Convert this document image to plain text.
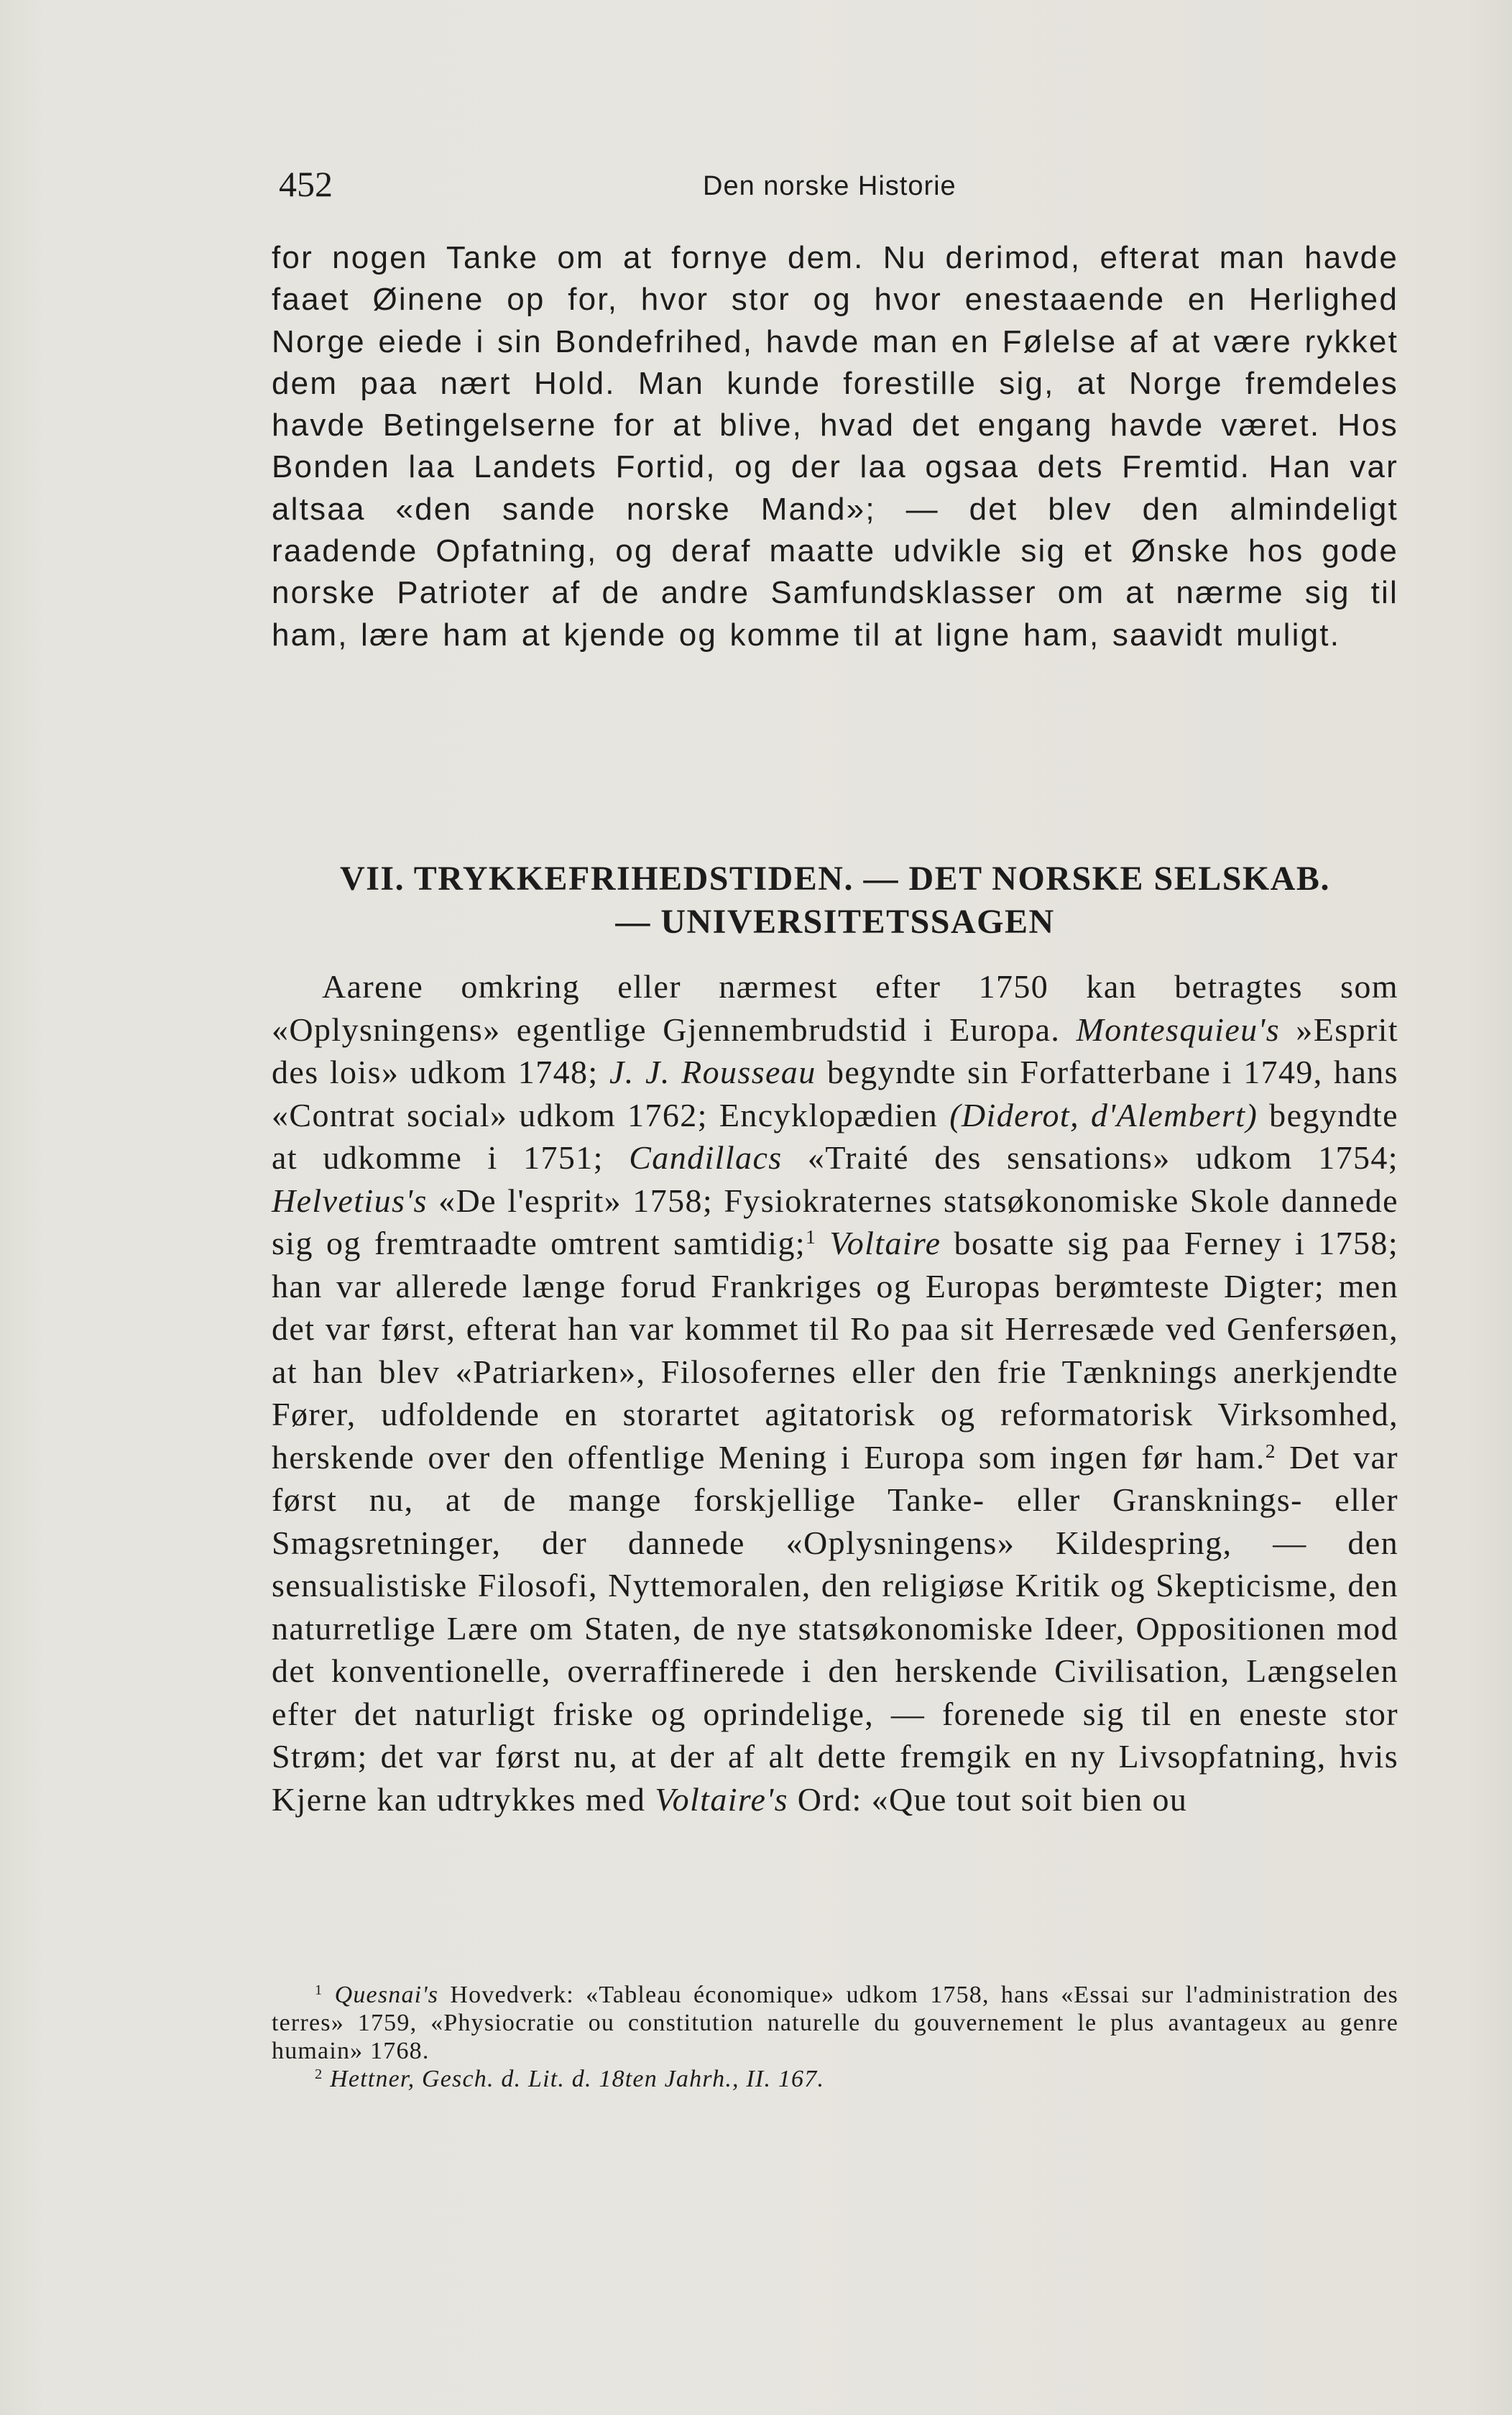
452	Den norske Historie

for nogen Tanke om at fornye dem. Nu derimod, efterat man havde faaet Øinene op for, hvor stor og hvor enestaaende en Herlighed Norge eiede i sin Bondefrihed, havde man en Følelse af at være rykket dem paa nært Hold. Man kunde forestille sig, at Norge fremdeles havde Betingelserne for at blive, hvad det engang havde været. Hos Bonden laa Landets Fortid, og der laa ogsaa dets Fremtid. Han var altsaa «den sande norske Mand»; — det blev den almindeligt raadende Opfatning, og deraf maatte udvikle sig et Ønske hos gode norske Patrioter af de andre Samfundsklasser om at nærme sig til ham, lære ham at kjende og komme til at ligne ham, saavidt muligt.

VII. TRYKKEFRIHEDSTIDEN. — DET NORSKE SELSKAB.
— UNIVERSITETSSAGEN

Aarene omkring eller nærmest efter 1750 kan betragtes som «Oplysningens» egentlige Gjennembrudstid i Europa. Montesquieu's »Esprit des lois» udkom 1748; J. J. Rousseau begyndte sin Forfatterbane i 1749, hans «Contrat social» udkom 1762; Encyklopædien (Diderot, d'Alembert) begyndte at udkomme i 1751; Candillacs «Traité des sensations» udkom 1754; Helvetius's «De l'esprit» 1758; Fysiokraternes statsøkonomiske Skole dannede sig og fremtraadte omtrent samtidig;$^1$ Voltaire bosatte sig paa Ferney i 1758; han var allerede længe forud Frankriges og Europas berømteste Digter; men det var først, efterat han var kommet til Ro paa sit Herresæde ved Genfersøen, at han blev «Patriarken», Filosofernes eller den frie Tænknings anerkjendte Fører, udfoldende en storartet agitatorisk og reformatorisk Virksomhed, herskende over den offentlige Mening i Europa som ingen før ham.$^2$ Det var først nu, at de mange forskjellige Tanke- eller Gransknings- eller Smagsretninger, der dannede «Oplysningens» Kildespring, — den sensualistiske Filosofi, Nyttemoralen, den religiøse Kritik og Skepticisme, den naturretlige Lære om Staten, de nye statsøkonomiske Ideer, Oppositionen mod det konventionelle, overraffinerede i den herskende Civilisation, Længselen efter det naturligt friske og oprindelige, — forenede sig til en eneste stor Strøm; det var først nu, at der af alt dette fremgik en ny Livsopfatning, hvis Kjerne kan udtrykkes med Voltaire's Ord: «Que tout soit bien ou

$^1$ Quesnai's Hovedverk: «Tableau économique» udkom 1758, hans «Essai sur l'administration des terres» 1759, «Physiocratie ou constitution naturelle du gouvernement le plus avantageux au genre humain» 1768.

$^2$ Hettner, Gesch. d. Lit. d. 18ten Jahrh., II. 167.
